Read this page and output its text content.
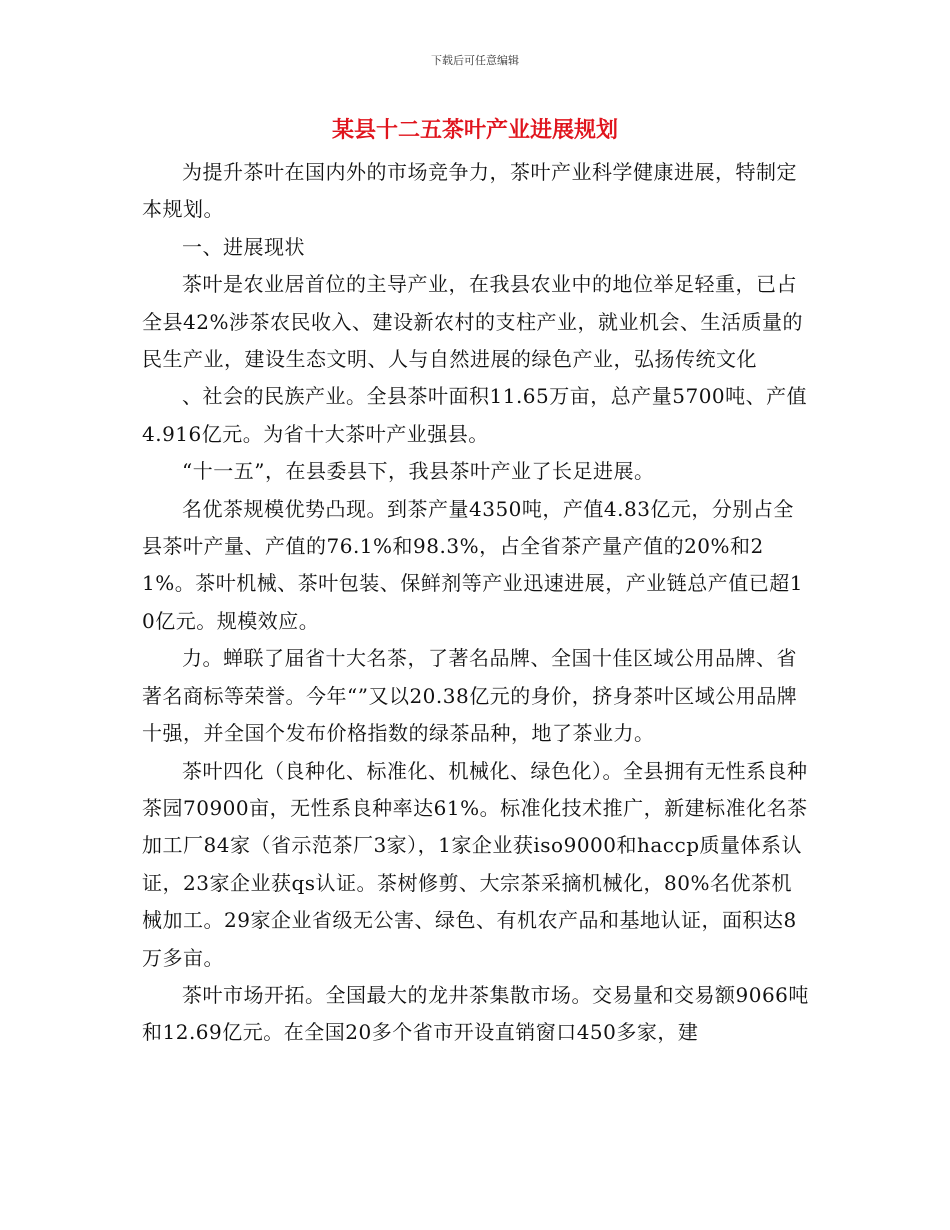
下载后可任意编辑
某县十二五茶叶产业进展规划

为提升茶叶在国内外的市场竞争力，茶叶产业科学健康进展，特制定本规划。

一、进展现状

茶叶是农业居首位的主导产业，在我县农业中的地位举足轻重，已占全县42%涉茶农民收入、建设新农村的支柱产业，就业机会、生活质量的民生产业，建设生态文明、人与自然进展的绿色产业，弘扬传统文化

、社会的民族产业。全县茶叶面积11.65万亩，总产量5700吨、产值4.916亿元。为省十大茶叶产业强县。

“十一五”，在县委县下，我县茶叶产业了长足进展。

名优茶规模优势凸现。到茶产量4350吨，产值4.83亿元，分别占全县茶叶产量、产值的76.1%和98.3%，占全省茶产量产值的20%和21%。茶叶机械、茶叶包装、保鲜剂等产业迅速进展，产业链总产值已超10亿元。规模效应。

力。蝉联了届省十大名茶，了著名品牌、全国十佳区域公用品牌、省著名商标等荣誉。今年“”又以20.38亿元的身价，挤身茶叶区域公用品牌十强，并全国个发布价格指数的绿茶品种，地了茶业力。

茶叶四化（良种化、标准化、机械化、绿色化）。全县拥有无性系良种茶园70900亩，无性系良种率达61%。标准化技术推广，新建标准化名茶加工厂84家（省示范茶厂3家），1家企业获iso9000和haccp质量体系认证，23家企业获qs认证。茶树修剪、大宗茶采摘机械化，80%名优茶机械加工。29家企业省级无公害、绿色、有机农产品和基地认证，面积达8万多亩。

茶叶市场开拓。全国最大的龙井茶集散市场。交易量和交易额9066吨和12.69亿元。在全国20多个省市开设直销窗口450多家，建
